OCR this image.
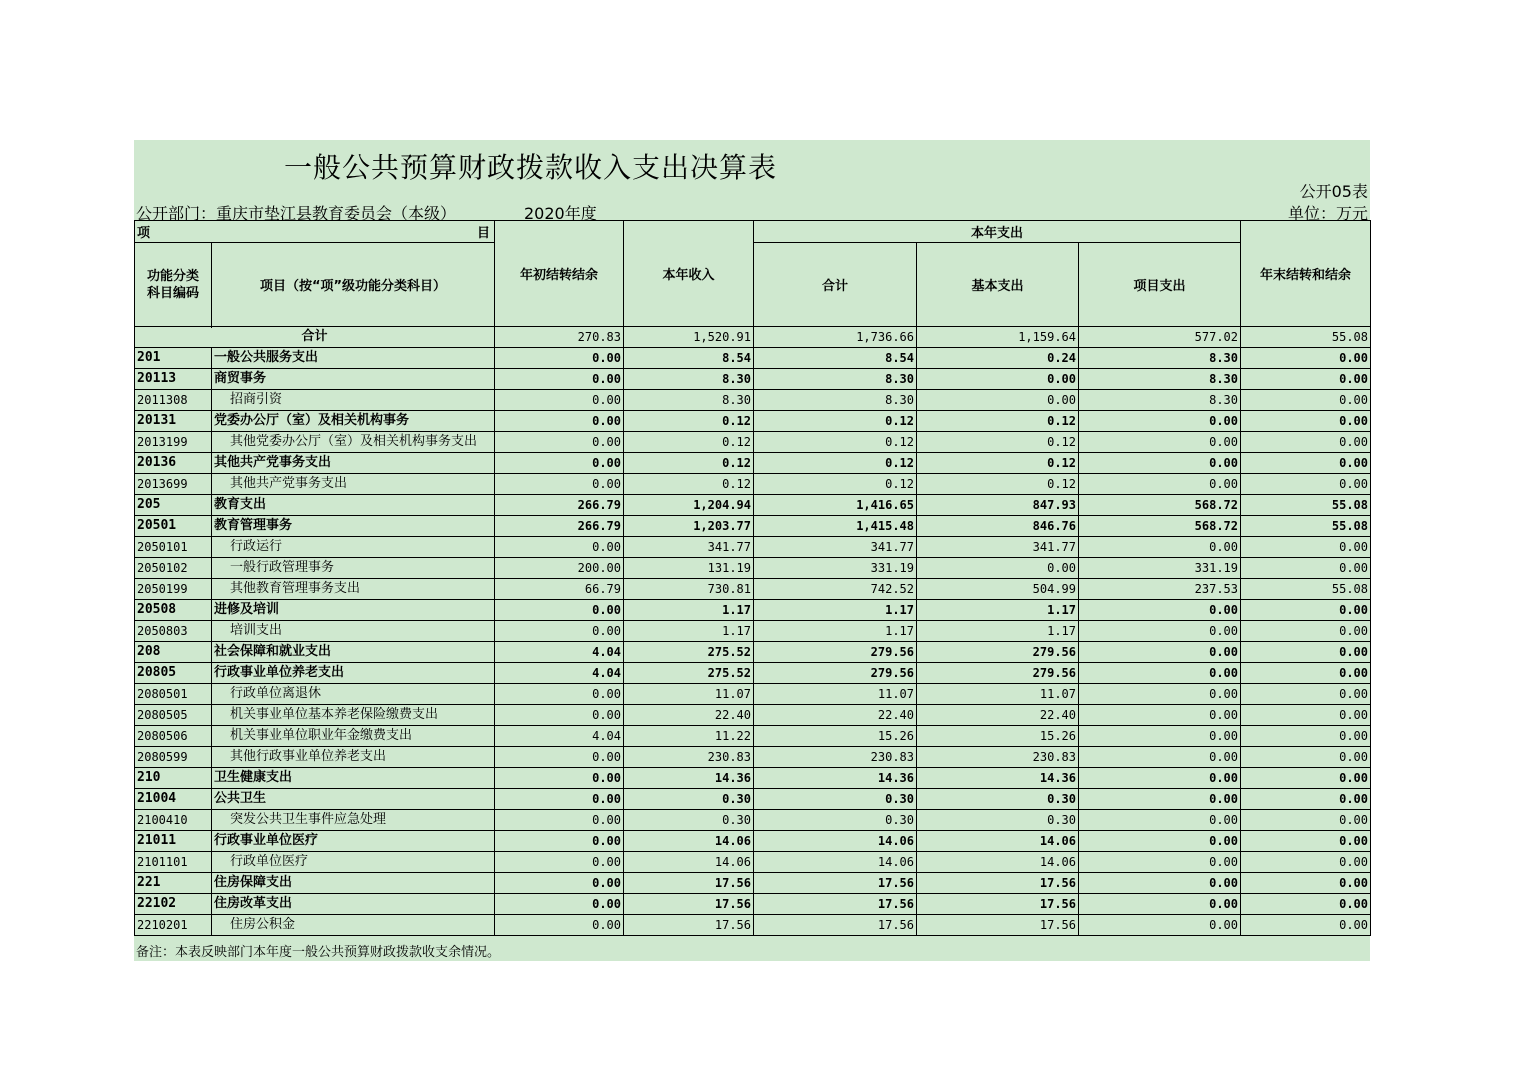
一般公共预算财政拨款收入支出决算表
公开05表
公开部门：重庆市垫江县教育委员会（本级）	2020年度	单位：万元
项 目		年初结转结余	本年收入	本年支出			年末结转和结余
功能分类科目编码	项目（按“项”级功能分类科目）			合计	基本支出	项目支出	

合计		270.83	1,520.91	1,736.66	1,159.64	577.02	55.08
201	一般公共服务支出	0.00	8.54	8.54	0.24	8.30	0.00
20113	商贸事务	0.00	8.30	8.30	0.00	8.30	0.00
2011308	招商引资	0.00	8.30	8.30	0.00	8.30	0.00
20131	党委办公厅（室）及相关机构事务	0.00	0.12	0.12	0.12	0.00	0.00
2013199	其他党委办公厅（室）及相关机构事务支出	0.00	0.12	0.12	0.12	0.00	0.00
20136	其他共产党事务支出	0.00	0.12	0.12	0.12	0.00	0.00
2013699	其他共产党事务支出	0.00	0.12	0.12	0.12	0.00	0.00
205	教育支出	266.79	1,204.94	1,416.65	847.93	568.72	55.08
20501	教育管理事务	266.79	1,203.77	1,415.48	846.76	568.72	55.08
2050101	行政运行	0.00	341.77	341.77	341.77	0.00	0.00
2050102	一般行政管理事务	200.00	131.19	331.19	0.00	331.19	0.00
2050199	其他教育管理事务支出	66.79	730.81	742.52	504.99	237.53	55.08
20508	进修及培训	0.00	1.17	1.17	1.17	0.00	0.00
2050803	培训支出	0.00	1.17	1.17	1.17	0.00	0.00
208	社会保障和就业支出	4.04	275.52	279.56	279.56	0.00	0.00
20805	行政事业单位养老支出	4.04	275.52	279.56	279.56	0.00	0.00
2080501	行政单位离退休	0.00	11.07	11.07	11.07	0.00	0.00
2080505	机关事业单位基本养老保险缴费支出	0.00	22.40	22.40	22.40	0.00	0.00
2080506	机关事业单位职业年金缴费支出	4.04	11.22	15.26	15.26	0.00	0.00
2080599	其他行政事业单位养老支出	0.00	230.83	230.83	230.83	0.00	0.00
210	卫生健康支出	0.00	14.36	14.36	14.36	0.00	0.00
21004	公共卫生	0.00	0.30	0.30	0.30	0.00	0.00
2100410	突发公共卫生事件应急处理	0.00	0.30	0.30	0.30	0.00	0.00
21011	行政事业单位医疗	0.00	14.06	14.06	14.06	0.00	0.00
2101101	行政单位医疗	0.00	14.06	14.06	14.06	0.00	0.00
221	住房保障支出	0.00	17.56	17.56	17.56	0.00	0.00
22102	住房改革支出	0.00	17.56	17.56	17.56	0.00	0.00
2210201	住房公积金	0.00	17.56	17.56	17.56	0.00	0.00
备注：本表反映部门本年度一般公共预算财政拨款收支余情况。
